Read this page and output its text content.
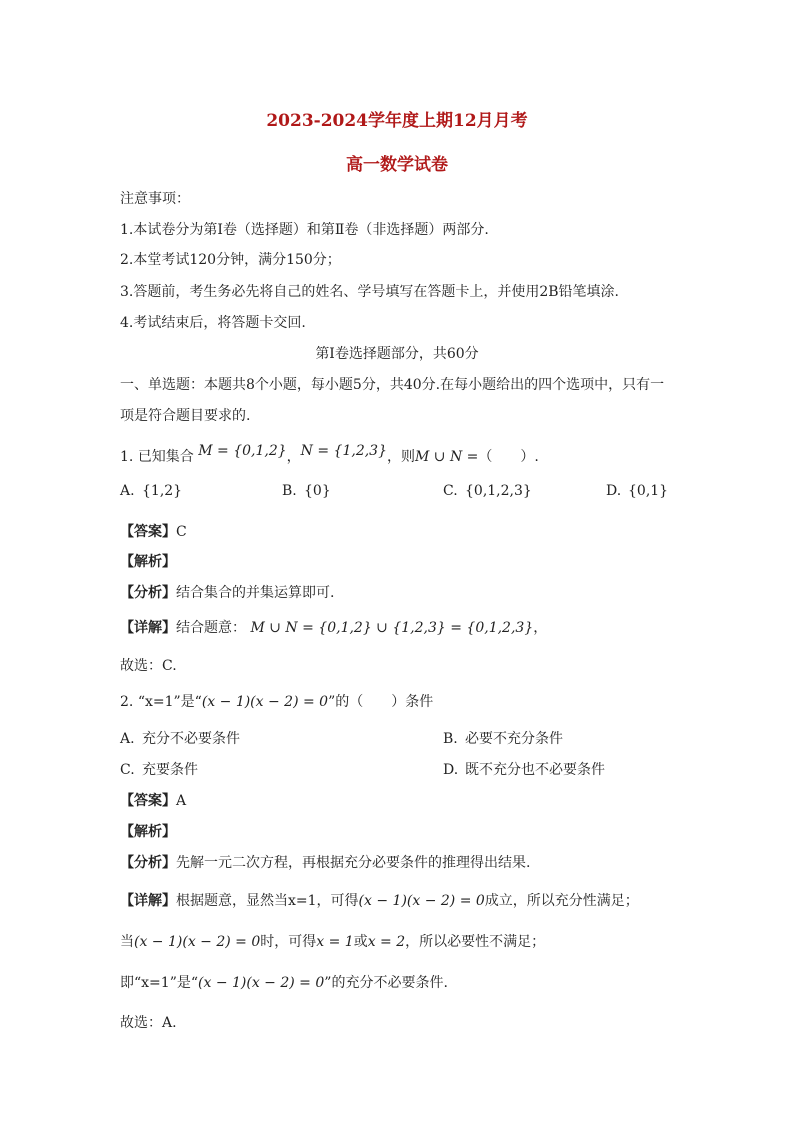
2023-2024学年度上期12月月考
高一数学试卷
注意事项：
1.本试卷分为第Ⅰ卷（选择题）和第Ⅱ卷（非选择题）两部分.
2.本堂考试120分钟，满分150分；
3.答题前，考生务必先将自己的姓名、学号填写在答题卡上，并使用2B铅笔填涂.
4.考试结束后，将答题卡交回.
第Ⅰ卷选择题部分，共60分
一、单选题：本题共8个小题，每小题5分，共40分.在每小题给出的四个选项中，只有一
项是符合题目要求的.
1. 已知集合 M = {0,1,2}，N = {1,2,3}，则M ∪ N =（　　）.
A. {1,2}	B. {0}	C. {0,1,2,3}	D. {0,1}
【答案】C
【解析】
【分析】结合集合的并集运算即可.
【详解】结合题意： M ∪ N = {0,1,2} ∪ {1,2,3} = {0,1,2,3}，
故选：C.
2. “x=1”是“(x − 1)(x − 2) = 0”的（　　）条件
A. 充分不必要条件	B. 必要不充分条件
C. 充要条件	D. 既不充分也不必要条件
【答案】A
【解析】
【分析】先解一元二次方程，再根据充分必要条件的推理得出结果.
【详解】根据题意，显然当x=1，可得(x − 1)(x − 2) = 0成立，所以充分性满足；
当(x − 1)(x − 2) = 0时，可得x = 1或x = 2，所以必要性不满足；
即“x=1”是“(x − 1)(x − 2) = 0”的充分不必要条件.
故选：A.
